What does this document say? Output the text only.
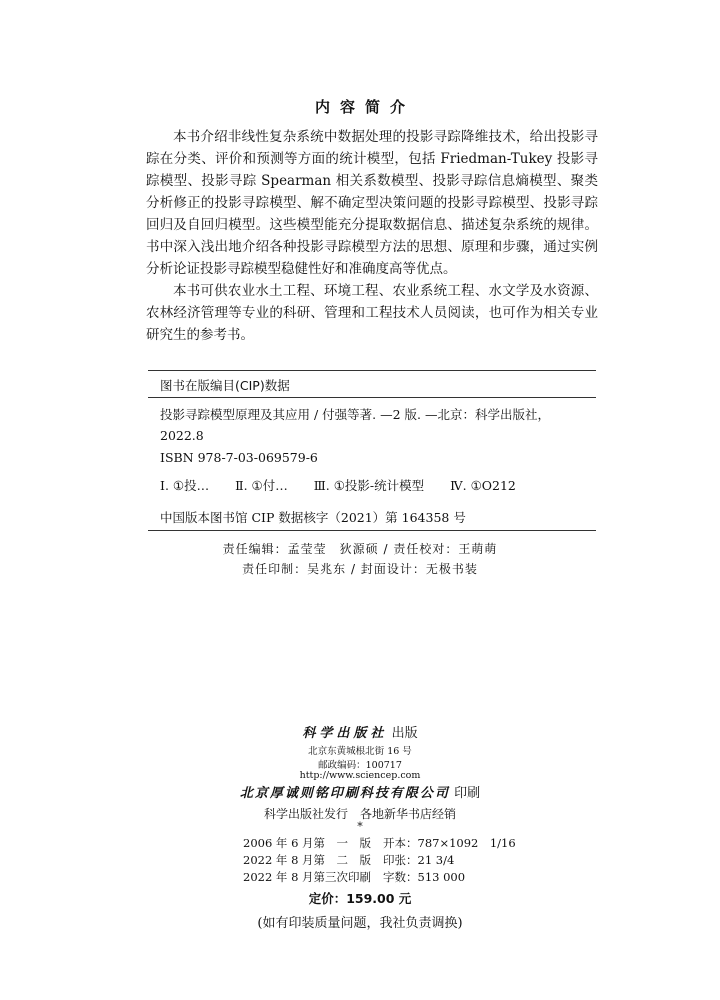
内容简介

本书介绍非线性复杂系统中数据处理的投影寻踪降维技术，给出投影寻踪在分类、评价和预测等方面的统计模型，包括 Friedman-Tukey 投影寻踪模型、投影寻踪 Spearman 相关系数模型、投影寻踪信息熵模型、聚类分析修正的投影寻踪模型、解不确定型决策问题的投影寻踪模型、投影寻踪回归及自回归模型。这些模型能充分提取数据信息、描述复杂系统的规律。书中深入浅出地介绍各种投影寻踪模型方法的思想、原理和步骤，通过实例分析论证投影寻踪模型稳健性好和准确度高等优点。

本书可供农业水土工程、环境工程、农业系统工程、水文学及水资源、农林经济管理等专业的科研、管理和工程技术人员阅读，也可作为相关专业研究生的参考书。

图书在版编目(CIP)数据
投影寻踪模型原理及其应用 / 付强等著. —2 版. —北京：科学出版社，
2022.8
ISBN 978-7-03-069579-6
Ⅰ. ①投… Ⅱ. ①付… Ⅲ. ①投影-统计模型 Ⅳ. ①O212
中国版本图书馆 CIP 数据核字（2021）第 164358 号
责任编辑：孟莹莹　狄源硕 / 责任校对：王萌萌
责任印制：吴兆东 / 封面设计：无极书装
科学出版社 出版
北京东黄城根北街 16 号
邮政编码：100717
http://www.sciencep.com
北京厚诚则铭印刷科技有限公司 印刷
科学出版社发行　各地新华书店经销
*
2006 年 6 月第　一　版 开本：787×1092　1/16
2022 年 8 月第　二　版 印张：21 3/4
2022 年 8 月第三次印刷 字数：513 000
定价：159.00 元
(如有印装质量问题，我社负责调换)
